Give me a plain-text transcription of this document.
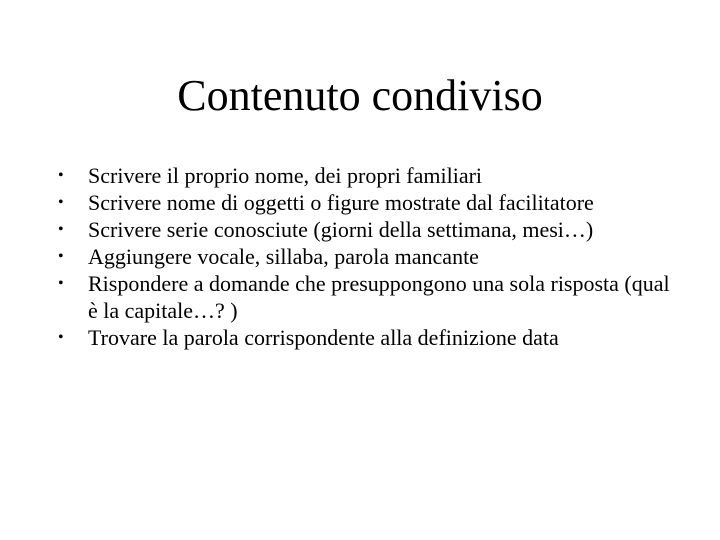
Contenuto condiviso
•	Scrivere il proprio nome, dei propri familiari
•	Scrivere nome di oggetti o figure mostrate dal facilitatore
•	Scrivere serie conosciute (giorni della settimana, mesi…)
•	Aggiungere vocale, sillaba, parola mancante
•	Rispondere a domande che presuppongono una sola risposta (qual è la capitale…? )
•	Trovare la parola corrispondente alla definizione data
